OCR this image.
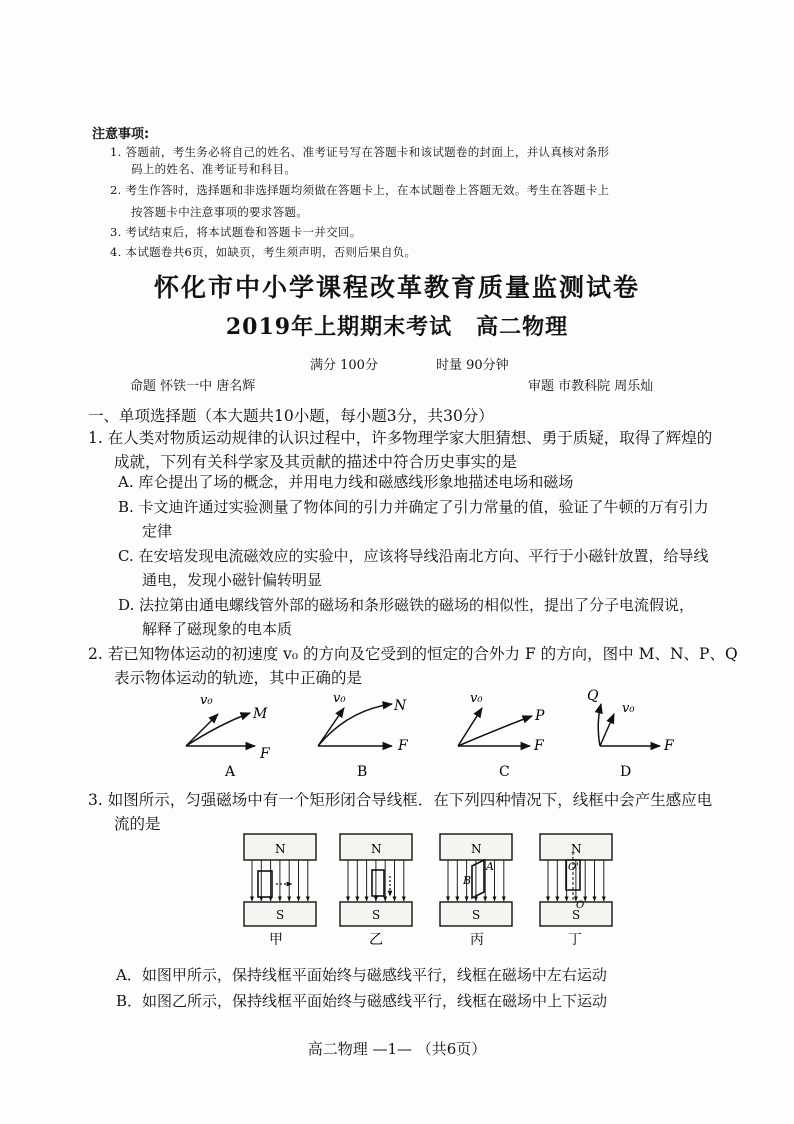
注意事项:
1. 答题前，考生务必将自己的姓名、准考证号写在答题卡和该试题卷的封面上，并认真核对条形
码上的姓名、准考证号和科目。
2. 考生作答时，选择题和非选择题均须做在答题卡上，在本试题卷上答题无效。考生在答题卡上
按答题卡中注意事项的要求答题。
3. 考试结束后，将本试题卷和答题卡一并交回。
4. 本试题卷共6页，如缺页，考生须声明，否则后果自负。
怀化市中小学课程改革教育质量监测试卷
2019年上期期末考试 高二物理
满分 100分	时量 90分钟
命题 怀铁一中 唐名辉	审题 市教科院 周乐灿
一、单项选择题（本大题共10小题，每小题3分，共30分）
1. 在人类对物质运动规律的认识过程中，许多物理学家大胆猜想、勇于质疑，取得了辉煌的
成就，下列有关科学家及其贡献的描述中符合历史事实的是
A. 库仑提出了场的概念，并用电力线和磁感线形象地描述电场和磁场
B. 卡文迪许通过实验测量了物体间的引力并确定了引力常量的值，验证了牛顿的万有引力
定律
C. 在安培发现电流磁效应的实验中，应该将导线沿南北方向、平行于小磁针放置，给导线
通电，发现小磁针偏转明显
D. 法拉第由通电螺线管外部的磁场和条形磁铁的磁场的相似性，提出了分子电流假说，
解释了磁现象的电本质
2. 若已知物体运动的初速度 v₀ 的方向及它受到的恒定的合外力 F 的方向，图中 M、N、P、Q
表示物体运动的轨迹，其中正确的是
v₀
M
F
A
v₀	N
F
B
v₀
P
F
C
Q
v₀
F
D
3. 如图所示，匀强磁场中有一个矩形闭合导线框．在下列四种情况下，线框中会产生感应电
流的是
N
S
N
S
N
S
N
S
B
A	O'
O
甲	乙	丙	丁
A．如图甲所示，保持线框平面始终与磁感线平行，线框在磁场中左右运动
B．如图乙所示，保持线框平面始终与磁感线平行，线框在磁场中上下运动
高二物理 —1— （共6页）
